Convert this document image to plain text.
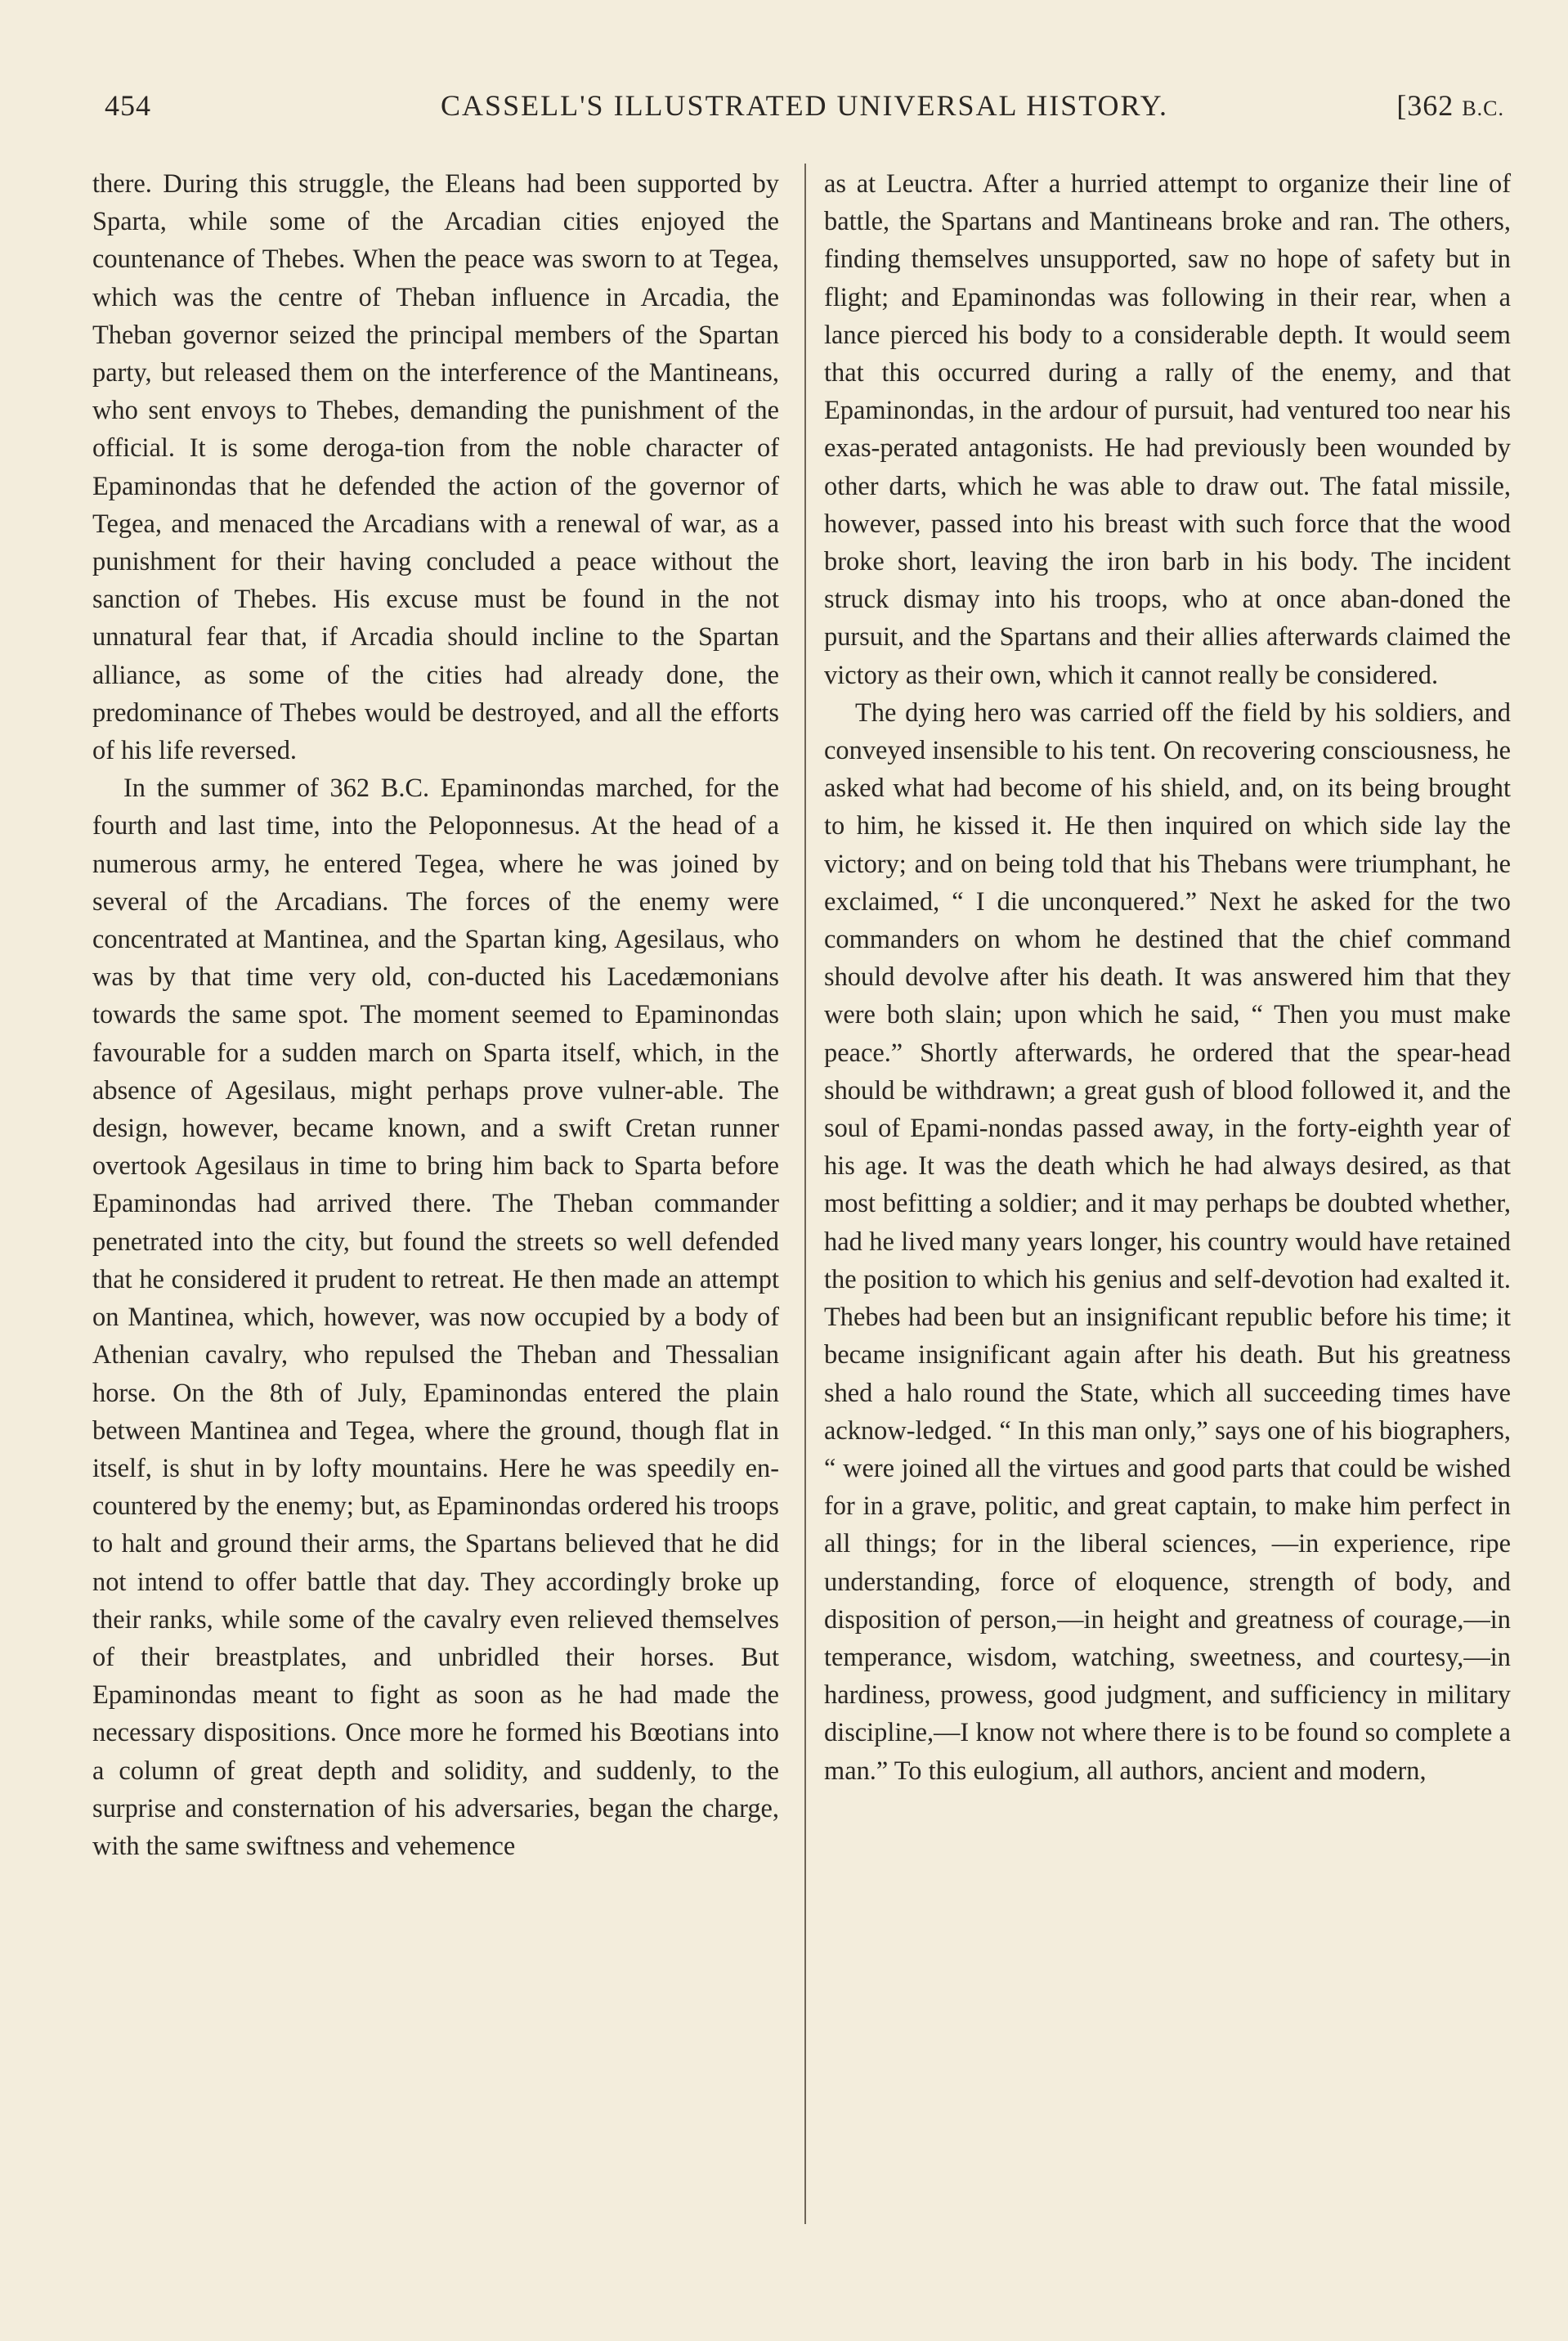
454	CASSELL'S ILLUSTRATED UNIVERSAL HISTORY.	[362 B.C.

there. During this struggle, the Eleans had been supported by Sparta, while some of the Arcadian cities enjoyed the countenance of Thebes. When the peace was sworn to at Tegea, which was the centre of Theban influence in Arcadia, the Theban governor seized the principal members of the Spartan party, but released them on the interference of the Mantineans, who sent envoys to Thebes, demanding the punishment of the official. It is some deroga-tion from the noble character of Epaminondas that he defended the action of the governor of Tegea, and menaced the Arcadians with a renewal of war, as a punishment for their having concluded a peace without the sanction of Thebes. His excuse must be found in the not unnatural fear that, if Arcadia should incline to the Spartan alliance, as some of the cities had already done, the predominance of Thebes would be destroyed, and all the efforts of his life reversed.

In the summer of 362 B.C. Epaminondas marched, for the fourth and last time, into the Peloponnesus. At the head of a numerous army, he entered Tegea, where he was joined by several of the Arcadians. The forces of the enemy were concentrated at Mantinea, and the Spartan king, Agesilaus, who was by that time very old, con-ducted his Lacedæmonians towards the same spot. The moment seemed to Epaminondas favourable for a sudden march on Sparta itself, which, in the absence of Agesilaus, might perhaps prove vulner-able. The design, however, became known, and a swift Cretan runner overtook Agesilaus in time to bring him back to Sparta before Epaminondas had arrived there. The Theban commander penetrated into the city, but found the streets so well defended that he considered it prudent to retreat. He then made an attempt on Mantinea, which, however, was now occupied by a body of Athenian cavalry, who repulsed the Theban and Thessalian horse. On the 8th of July, Epaminondas entered the plain between Mantinea and Tegea, where the ground, though flat in itself, is shut in by lofty mountains. Here he was speedily en-countered by the enemy; but, as Epaminondas ordered his troops to halt and ground their arms, the Spartans believed that he did not intend to offer battle that day. They accordingly broke up their ranks, while some of the cavalry even relieved themselves of their breastplates, and unbridled their horses. But Epaminondas meant to fight as soon as he had made the necessary dispositions. Once more he formed his Bœotians into a column of great depth and solidity, and suddenly, to the surprise and consternation of his adversaries, began the charge, with the same swiftness and vehemence

as at Leuctra. After a hurried attempt to organize their line of battle, the Spartans and Mantineans broke and ran. The others, finding themselves unsupported, saw no hope of safety but in flight; and Epaminondas was following in their rear, when a lance pierced his body to a considerable depth. It would seem that this occurred during a rally of the enemy, and that Epaminondas, in the ardour of pursuit, had ventured too near his exas-perated antagonists. He had previously been wounded by other darts, which he was able to draw out. The fatal missile, however, passed into his breast with such force that the wood broke short, leaving the iron barb in his body. The incident struck dismay into his troops, who at once aban-doned the pursuit, and the Spartans and their allies afterwards claimed the victory as their own, which it cannot really be considered.

The dying hero was carried off the field by his soldiers, and conveyed insensible to his tent. On recovering consciousness, he asked what had become of his shield, and, on its being brought to him, he kissed it. He then inquired on which side lay the victory; and on being told that his Thebans were triumphant, he exclaimed, “ I die unconquered.” Next he asked for the two commanders on whom he destined that the chief command should devolve after his death. It was answered him that they were both slain; upon which he said, “ Then you must make peace.” Shortly afterwards, he ordered that the spear-head should be withdrawn; a great gush of blood followed it, and the soul of Epami-nondas passed away, in the forty-eighth year of his age. It was the death which he had always desired, as that most befitting a soldier; and it may perhaps be doubted whether, had he lived many years longer, his country would have retained the position to which his genius and self-devotion had exalted it. Thebes had been but an insignificant republic before his time; it became insignificant again after his death. But his greatness shed a halo round the State, which all succeeding times have acknow-ledged. “ In this man only,” says one of his biographers, “ were joined all the virtues and good parts that could be wished for in a grave, politic, and great captain, to make him perfect in all things; for in the liberal sciences, —in experience, ripe understanding, force of eloquence, strength of body, and disposition of person,—in height and greatness of courage,—in temperance, wisdom, watching, sweetness, and courtesy,—in hardiness, prowess, good judgment, and sufficiency in military discipline,—I know not where there is to be found so complete a man.” To this eulogium, all authors, ancient and modern,
